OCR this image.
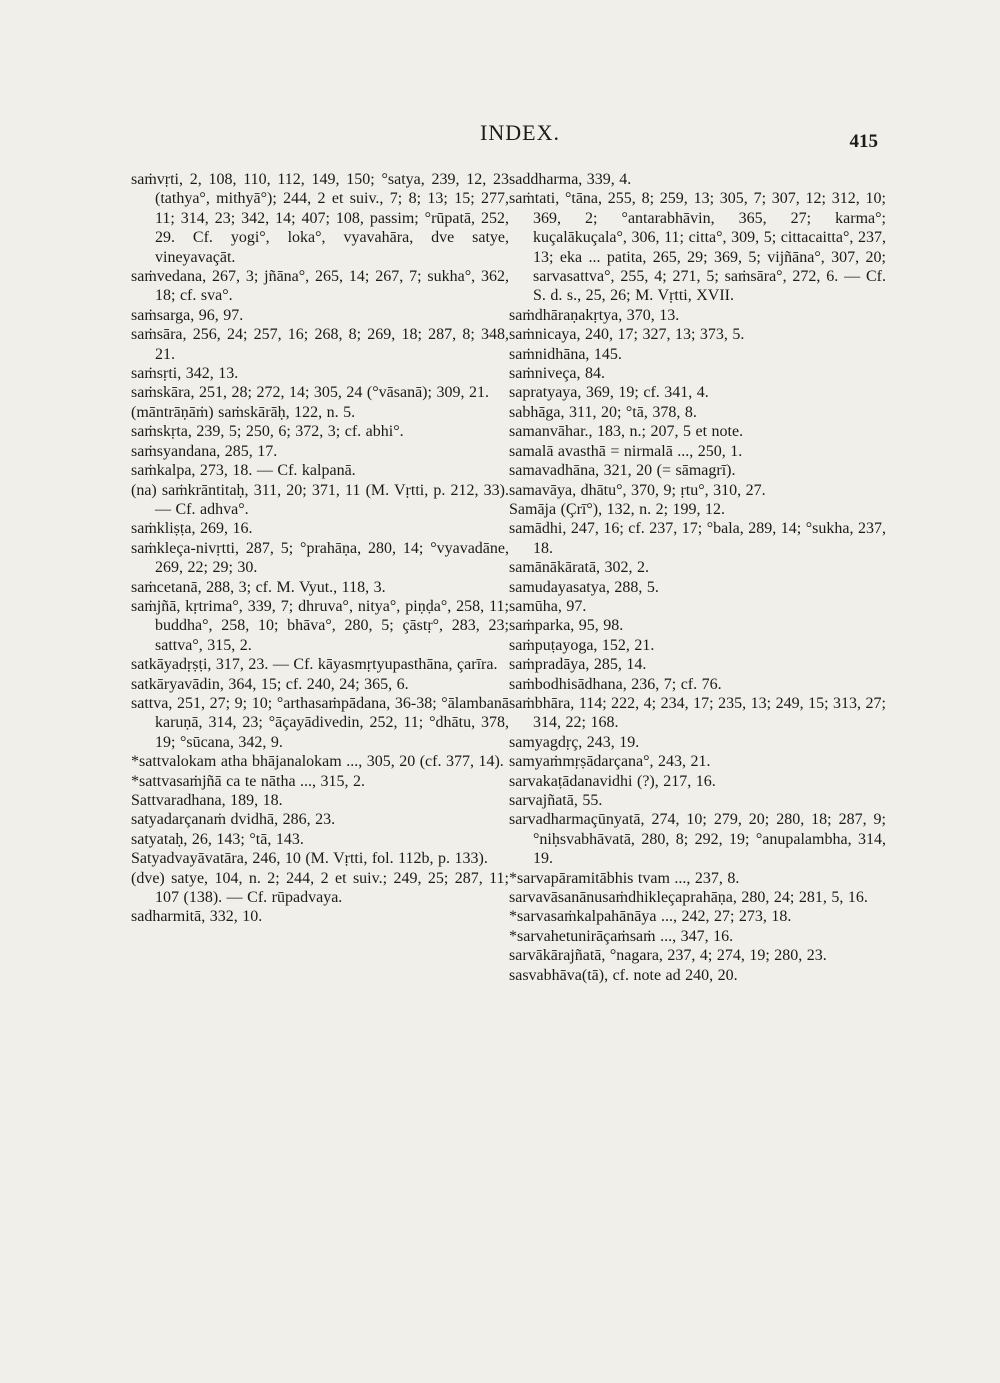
INDEX.	415

saṁvṛti, 2, 108, 110, 112, 149, 150; °satya, 239, 12, 23 (tathya°, mithyā°); 244, 2 et suiv., 7; 8; 13; 15; 277, 11; 314, 23; 342, 14; 407; 108, passim; °rūpatā, 252, 29. Cf. yogi°, loka°, vyavahāra, dve satye, vineyavaçāt.

saṁvedana, 267, 3; jñāna°, 265, 14; 267, 7; sukha°, 362, 18; cf. sva°.

saṁsarga, 96, 97.

saṁsāra, 256, 24; 257, 16; 268, 8; 269, 18; 287, 8; 348, 21.

saṁsṛti, 342, 13.

saṁskāra, 251, 28; 272, 14; 305, 24 (°vāsanā); 309, 21.

(māntrāṇāṁ) saṁskārāḥ, 122, n. 5.

saṁskṛta, 239, 5; 250, 6; 372, 3; cf. abhi°.

saṁsyandana, 285, 17.

saṁkalpa, 273, 18. — Cf. kalpanā.

(na) saṁkrāntitaḥ, 311, 20; 371, 11 (M. Vṛtti, p. 212, 33). — Cf. adhva°.

saṁkliṣṭa, 269, 16.

saṁkleça-nivṛtti, 287, 5; °prahāṇa, 280, 14; °vyavadāne, 269, 22; 29; 30.

saṁcetanā, 288, 3; cf. M. Vyut., 118, 3.

saṁjñā, kṛtrima°, 339, 7; dhruva°, nitya°, piṇḍa°, 258, 11; buddha°, 258, 10; bhāva°, 280, 5; çāstṛ°, 283, 23; sattva°, 315, 2.

satkāyadṛṣṭi, 317, 23. — Cf. kāyasmṛtyupasthāna, çarīra.

satkāryavādin, 364, 15; cf. 240, 24; 365, 6.

sattva, 251, 27; 9; 10; °arthasaṁpādana, 36-38; °ālambanā karuṇā, 314, 23; °āçayādivedin, 252, 11; °dhātu, 378, 19; °sūcana, 342, 9.

*sattvalokam atha bhājanalokam ..., 305, 20 (cf. 377, 14).

*sattvasaṁjñā ca te nātha ..., 315, 2.

Sattvaradhana, 189, 18.

satyadarçanaṁ dvidhā, 286, 23.

satyataḥ, 26, 143; °tā, 143.

Satyadvayāvatāra, 246, 10 (M. Vṛtti, fol. 112b, p. 133).

(dve) satye, 104, n. 2; 244, 2 et suiv.; 249, 25; 287, 11; 107 (138). — Cf. rūpadvaya.

sadharmitā, 332, 10.

saddharma, 339, 4.

saṁtati, °tāna, 255, 8; 259, 13; 305, 7; 307, 12; 312, 10; 369, 2; °antarabhāvin, 365, 27; karma°; kuçalākuçala°, 306, 11; citta°, 309, 5; cittacaitta°, 237, 13; eka ... patita, 265, 29; 369, 5; vijñāna°, 307, 20; sarvasattva°, 255, 4; 271, 5; saṁsāra°, 272, 6. — Cf. S. d. s., 25, 26; M. Vṛtti, XVII.

saṁdhāraṇakṛtya, 370, 13.

saṁnicaya, 240, 17; 327, 13; 373, 5.

saṁnidhāna, 145.

saṁniveça, 84.

sapratyaya, 369, 19; cf. 341, 4.

sabhāga, 311, 20; °tā, 378, 8.

samanvāhar., 183, n.; 207, 5 et note.

samalā avasthā = nirmalā ..., 250, 1.

samavadhāna, 321, 20 (= sāmagrī).

samavāya, dhātu°, 370, 9; ṛtu°, 310, 27.

Samāja (Çrī°), 132, n. 2; 199, 12.

samādhi, 247, 16; cf. 237, 17; °bala, 289, 14; °sukha, 237, 18.

samānākāratā, 302, 2.

samudayasatya, 288, 5.

samūha, 97.

saṁparka, 95, 98.

saṁpuṭayoga, 152, 21.

saṁpradāya, 285, 14.

saṁbodhisādhana, 236, 7; cf. 76.

saṁbhāra, 114; 222, 4; 234, 17; 235, 13; 249, 15; 313, 27; 314, 22; 168.

samyagdṛç, 243, 19.

samyaṁmṛṣādarçana°, 243, 21.

sarvakaṭādanavidhi (?), 217, 16.

sarvajñatā, 55.

sarvadharmaçūnyatā, 274, 10; 279, 20; 280, 18; 287, 9; °niḥsvabhāvatā, 280, 8; 292, 19; °anupalambha, 314, 19.

*sarvapāramitābhis tvam ..., 237, 8.

sarvavāsanānusaṁdhikleçaprahāṇa, 280, 24; 281, 5, 16.

*sarvasaṁkalpahānāya ..., 242, 27; 273, 18.

*sarvahetunirāçaṁsaṁ ..., 347, 16.

sarvākārajñatā, °nagara, 237, 4; 274, 19; 280, 23.

sasvabhāva(tā), cf. note ad 240, 20.
